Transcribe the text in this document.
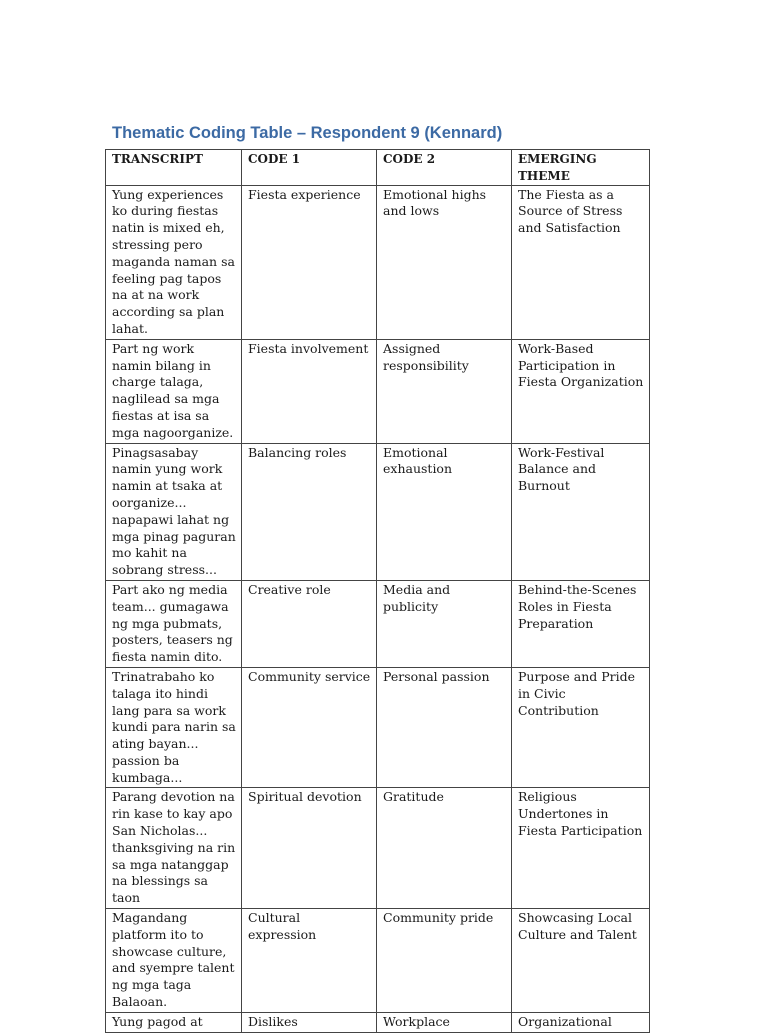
Thematic Coding Table – Respondent 9 (Kennard)
TRANSCRIPT	CODE 1	CODE 2	EMERGING THEME
Yung experiences ko during fiestas natin is mixed eh, stressing pero maganda naman sa feeling pag tapos na at na work according sa plan lahat.	Fiesta experience	Emotional highs and lows	The Fiesta as a Source of Stress and Satisfaction
Part ng work namin bilang in charge talaga, naglilead sa mga fiestas at isa sa mga nagoorganize.	Fiesta involvement	Assigned responsibility	Work-Based Participation in Fiesta Organization
Pinagsasabay namin yung work namin at tsaka at oorganize... napapawi lahat ng mga pinag paguran mo kahit na sobrang stress...	Balancing roles	Emotional exhaustion	Work-Festival Balance and Burnout
Part ako ng media team... gumagawa ng mga pubmats, posters, teasers ng fiesta namin dito.	Creative role	Media and publicity	Behind-the-Scenes Roles in Fiesta Preparation
Trinatrabaho ko talaga ito hindi lang para sa work kundi para narin sa ating bayan... passion ba kumbaga...	Community service	Personal passion	Purpose and Pride in Civic Contribution
Parang devotion na rin kase to kay apo San Nicholas... thanksgiving na rin sa mga natanggap na blessings sa taon	Spiritual devotion	Gratitude	Religious Undertones in Fiesta Participation
Magandang platform ito to showcase culture, and syempre talent ng mga taga Balaoan.	Cultural expression	Community pride	Showcasing Local Culture and Talent
Yung pagod at	Dislikes	Workplace	Organizational
